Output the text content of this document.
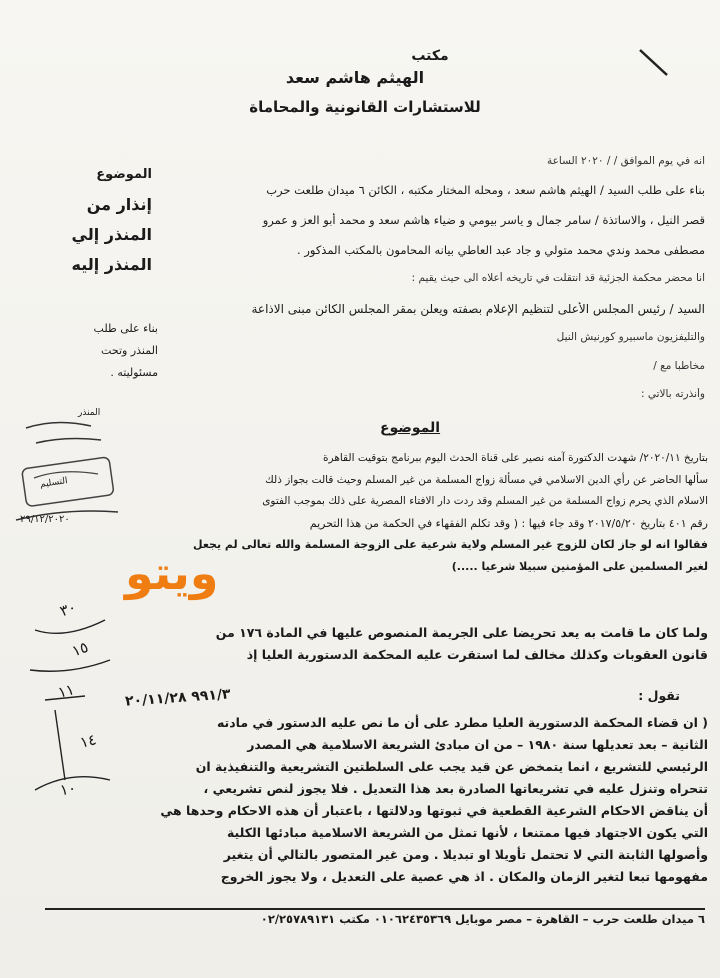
مكتب
الهيثم هاشم سعد
للاستشارات القانونية والمحاماة
الموضوع
إنذار من
المنذر إلي
المنذر إليه
بناء على طلب
المنذر وتحت
مسئوليته .
انه في يوم الموافق / / ٢٠٢٠ الساعة
بناء على طلب السيد / الهيثم هاشم سعد ، ومحله المختار مكتبه ، الكائن ٦ ميدان طلعت حرب
قصر النيل ، والاساتذة / سامر جمال و ياسر بيومي و ضياء هاشم سعد و محمد أبو العز و عمرو
مصطفى محمد وندي محمد متولي و جاد عبد العاطي بيانه المحامون بالمكتب المذكور .
انا محضر محكمة الجزئية قد انتقلت في تاريخه أعلاه الى حيث يقيم :
السيد / رئيس المجلس الأعلى لتنظيم الإعلام بصفته ويعلن بمقر المجلس الكائن مبنى الاذاعة
والتليفزيون ماسبيرو كورنيش النيل
مخاطبا مع /
وأنذرته بالاتي :
الموضوع
بتاريخ ٢٠٢٠/١١/ شهدت الدكتورة آمنه نصير على قناة الحدث اليوم ببرنامج بتوقيت القاهرة
سألها الحاضر عن رأي الدين الاسلامي في مسألة زواج المسلمة من غير المسلم وحيث قالت بجواز ذلك
الاسلام الذي يحرم زواج المسلمة من غير المسلم وقد ردت دار الافتاء المصرية على ذلك بموجب الفتوى
رقم ٤٠١ بتاريخ ٢٠١٧/٥/٢٠ وقد جاء فيها : ( وقد تكلم الفقهاء في الحكمة من هذا التحريم
فقالوا انه لو جاز لكان للزوج غير المسلم ولاية شرعية على الزوجة المسلمة والله تعالى لم يجعل
لغير المسلمين على المؤمنين سبيلا شرعيا .....)
ولما كان ما قامت به يعد تحريضا على الجريمة المنصوص عليها في المادة ١٧٦ من
قانون العقوبات وكذلك مخالف لما استقرت عليه المحكمة الدستورية العليا إذ
تقول :
( ان قضاء المحكمة الدستورية العليا مطرد على أن ما نص عليه الدستور في مادته
الثانية – بعد تعديلها سنة ١٩٨٠ – من ان مبادئ الشريعة الاسلامية هي المصدر
الرئيسي للتشريع ، انما يتمخض عن قيد يجب على السلطتين التشريعية والتنفيذية ان
تتحراه وتنزل عليه في تشريعاتها الصادرة بعد هذا التعديل . فلا يجوز لنص تشريعي ،
أن يناقض الاحكام الشرعية القطعية في ثبوتها ودلالتها ، باعتبار أن هذه الاحكام وحدها هي
التي يكون الاجتهاد فيها ممتنعا ، لأنها تمثل من الشريعة الاسلامية مبادئها الكلية
وأصولها الثابتة التي لا تحتمل تأويلا او تبديلا . ومن غير المتصور بالتالي أن يتغير
مفهومها تبعا لتغير الزمان والمكان . اذ هي عصية على التعديل ، ولا يجوز الخروج
ويتو
المنذر
التسليم
٢٩/١٢/٢٠٢٠
٣٠
١٥
١١
١٤
١٠
٩٩١/٣ ٢٠/١١/٢٨
٦ ميدان طلعت حرب – القاهرة – مصر موبايل ٠١٠٦٢٤٣٥٣٦٩ مكتب ٠٢/٢٥٧٨٩١٣١
